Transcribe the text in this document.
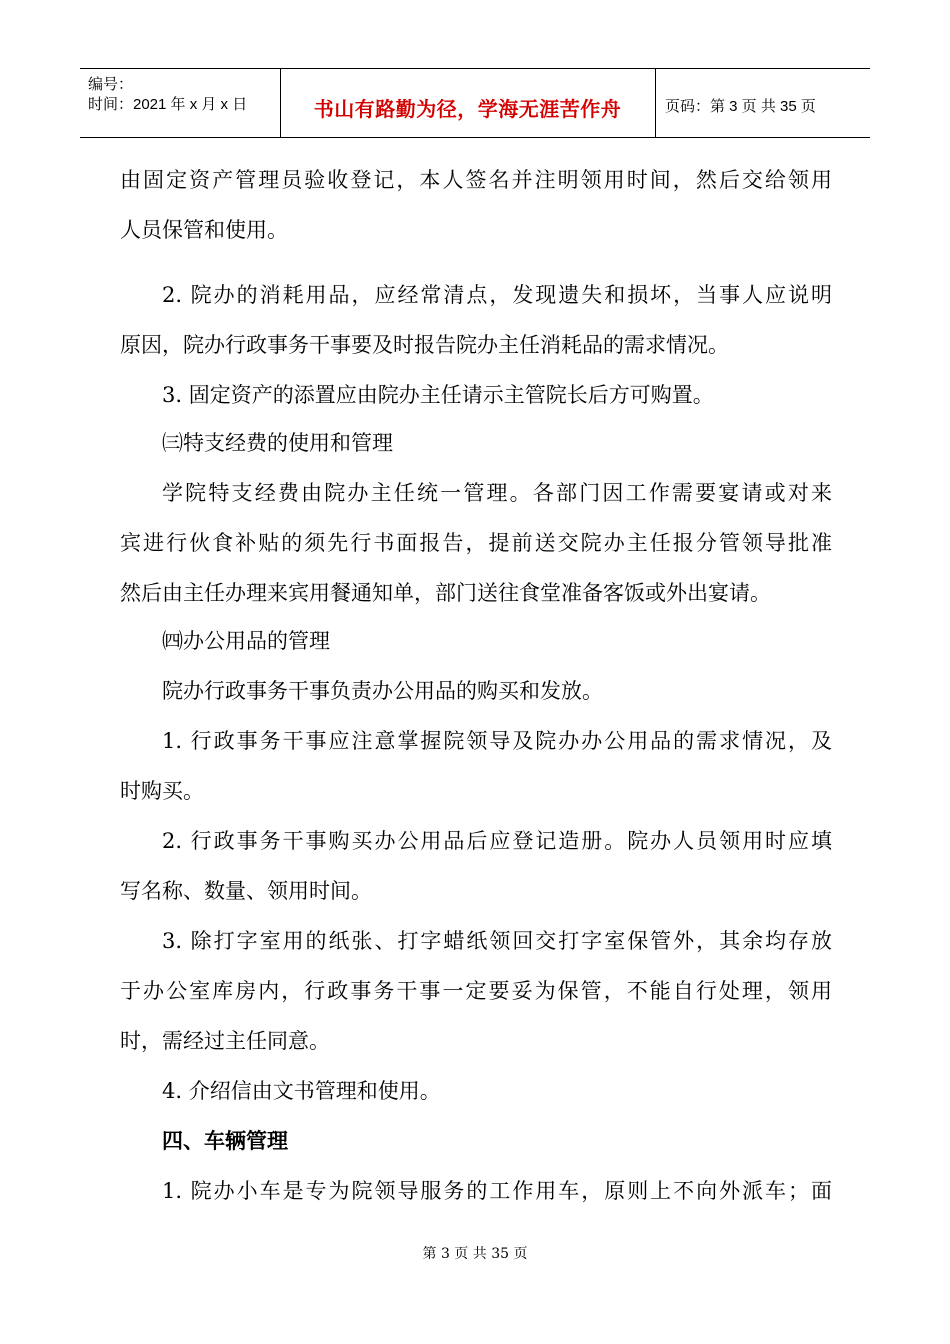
编号：
时间：2021 年 x 月 x 日	书山有路勤为径，学海无涯苦作舟	页码：第 3 页 共 35 页
由固定资产管理员验收登记，本人签名并注明领用时间，然后交给领用
人员保管和使用。
2. 院办的消耗用品，应经常清点，发现遗失和损坏，当事人应说明
原因，院办行政事务干事要及时报告院办主任消耗品的需求情况。
3. 固定资产的添置应由院办主任请示主管院长后方可购置。
㈢特支经费的使用和管理
学院特支经费由院办主任统一管理。各部门因工作需要宴请或对来
宾进行伙食补贴的须先行书面报告，提前送交院办主任报分管领导批准
然后由主任办理来宾用餐通知单，部门送往食堂准备客饭或外出宴请。
㈣办公用品的管理
院办行政事务干事负责办公用品的购买和发放。
1. 行政事务干事应注意掌握院领导及院办办公用品的需求情况，及
时购买。
2. 行政事务干事购买办公用品后应登记造册。院办人员领用时应填
写名称、数量、领用时间。
3. 除打字室用的纸张、打字蜡纸领回交打字室保管外，其余均存放
于办公室库房内，行政事务干事一定要妥为保管，不能自行处理，领用
时，需经过主任同意。
4. 介绍信由文书管理和使用。
四、车辆管理
1. 院办小车是专为院领导服务的工作用车，原则上不向外派车；面
第 3 页 共 35 页
